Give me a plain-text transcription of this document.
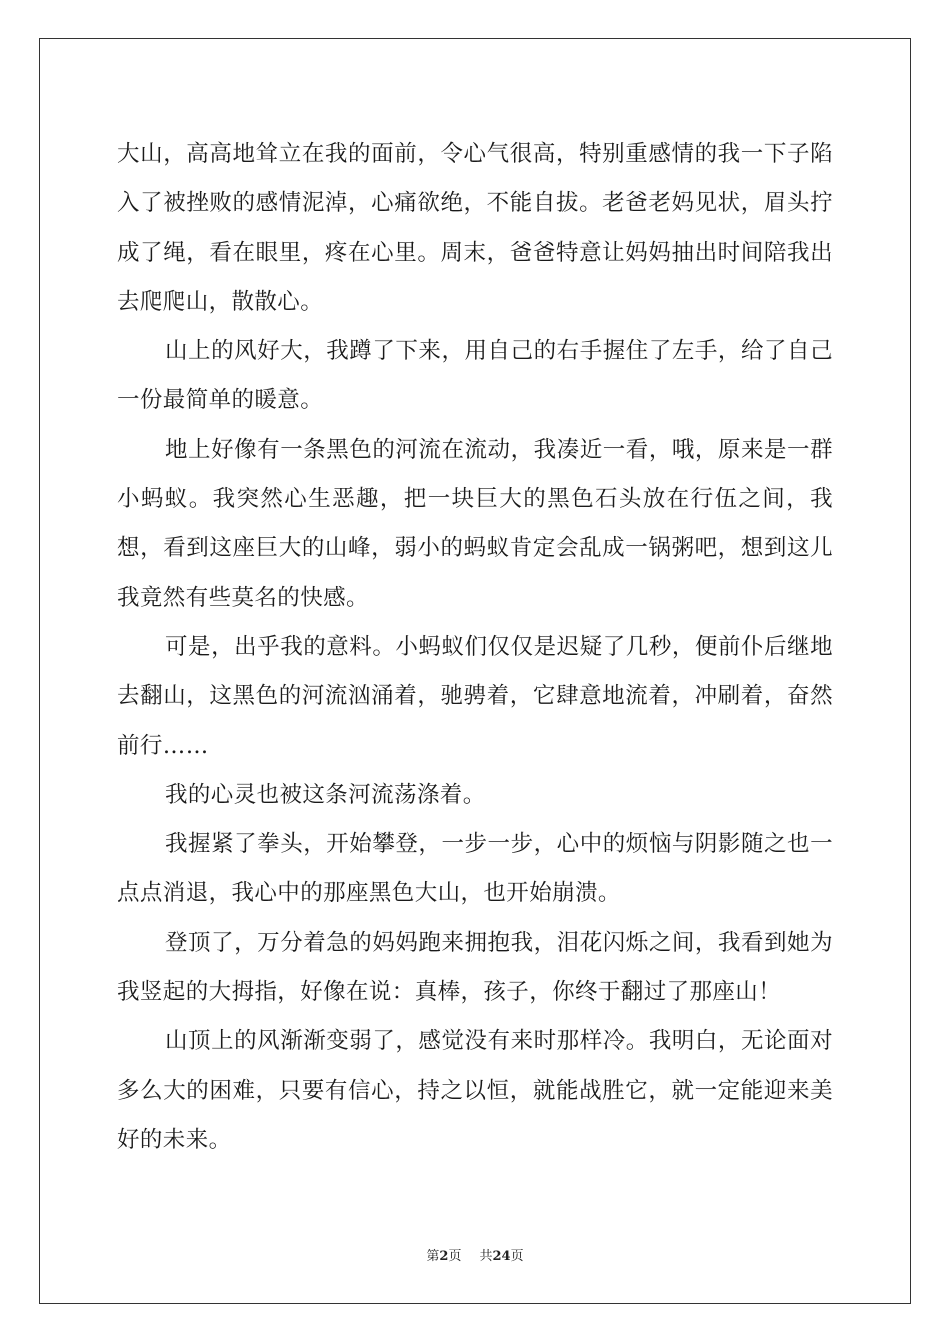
大山，高高地耸立在我的面前，令心气很高，特别重感情的我一下子陷入了被挫败的感情泥淖，心痛欲绝，不能自拔。老爸老妈见状，眉头拧成了绳，看在眼里，疼在心里。周末，爸爸特意让妈妈抽出时间陪我出去爬爬山，散散心。

山上的风好大，我蹲了下来，用自己的右手握住了左手，给了自己一份最简单的暖意。

地上好像有一条黑色的河流在流动，我凑近一看，哦，原来是一群小蚂蚁。我突然心生恶趣，把一块巨大的黑色石头放在行伍之间，我想，看到这座巨大的山峰，弱小的蚂蚁肯定会乱成一锅粥吧，想到这儿我竟然有些莫名的快感。

可是，出乎我的意料。小蚂蚁们仅仅是迟疑了几秒，便前仆后继地去翻山，这黑色的河流汹涌着，驰骋着，它肆意地流着，冲刷着，奋然前行……

我的心灵也被这条河流荡涤着。

我握紧了拳头，开始攀登，一步一步，心中的烦恼与阴影随之也一点点消退，我心中的那座黑色大山，也开始崩溃。

登顶了，万分着急的妈妈跑来拥抱我，泪花闪烁之间，我看到她为我竖起的大拇指，好像在说：真棒，孩子，你终于翻过了那座山！

山顶上的风渐渐变弱了，感觉没有来时那样冷。我明白，无论面对多么大的困难，只要有信心，持之以恒，就能战胜它，就一定能迎来美好的未来。

第2页 共24页
